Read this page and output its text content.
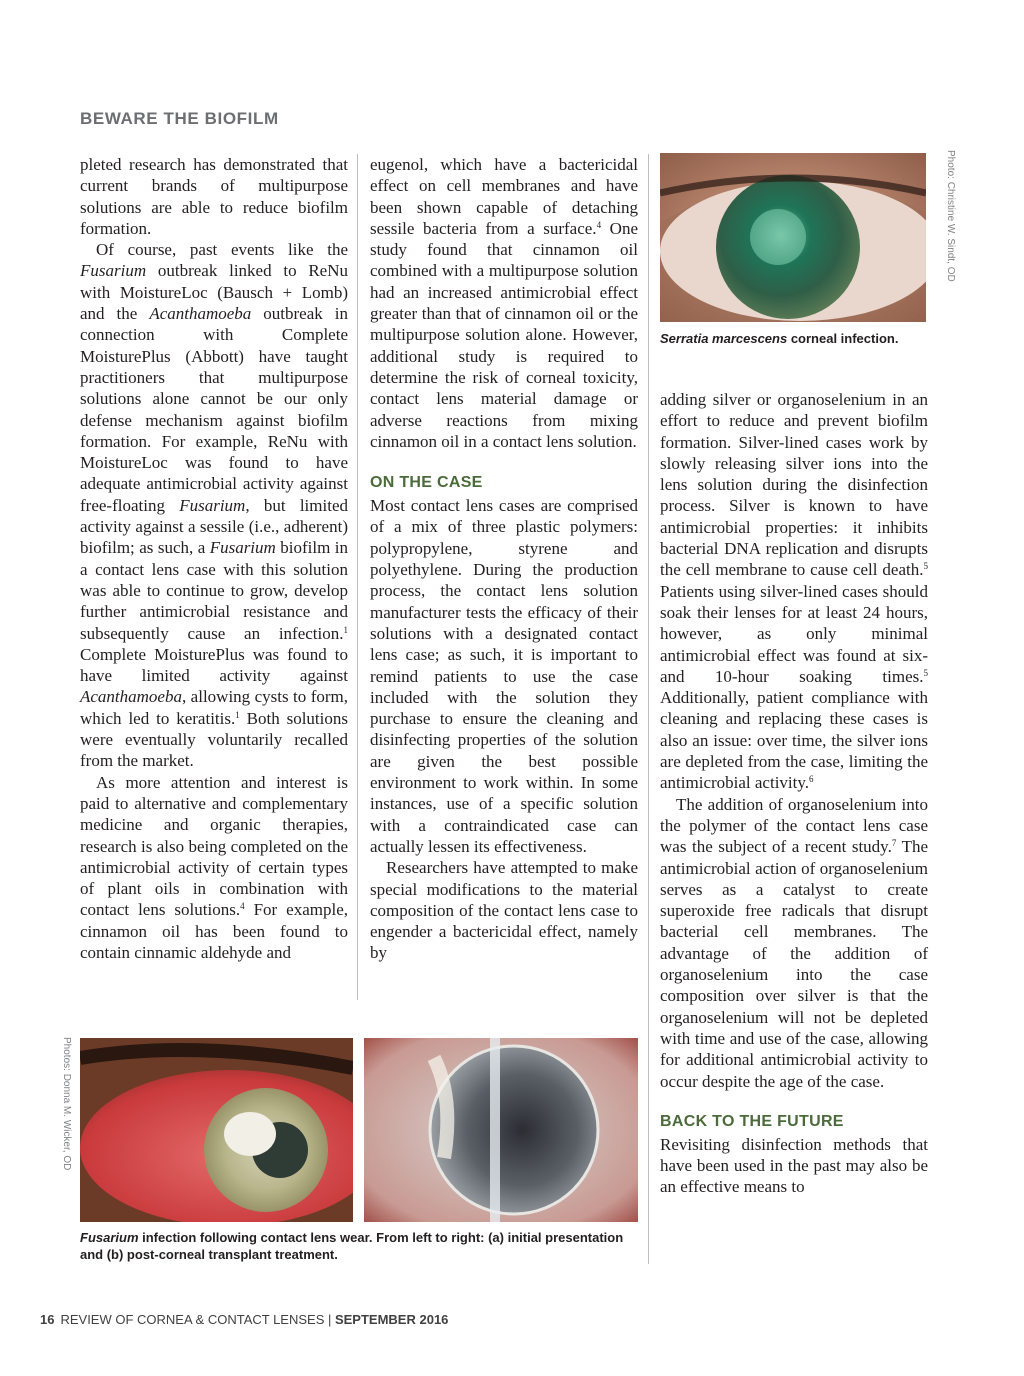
BEWARE THE BIOFILM

pleted research has demonstrated that current brands of multipurpose solutions are able to reduce biofilm formation.

Of course, past events like the Fusarium outbreak linked to ReNu with MoistureLoc (Bausch + Lomb) and the Acanthamoeba outbreak in connection with Complete MoisturePlus (Abbott) have taught practitioners that multipurpose solutions alone cannot be our only defense mechanism against biofilm formation. For example, ReNu with MoistureLoc was found to have adequate antimicrobial activity against free-floating Fusarium, but limited activity against a sessile (i.e., adherent) biofilm; as such, a Fusarium biofilm in a contact lens case with this solution was able to continue to grow, develop further antimicrobial resistance and subsequently cause an infection.$^1$ Complete MoisturePlus was found to have limited activity against Acanthamoeba, allowing cysts to form, which led to keratitis.$^1$ Both solutions were eventually voluntarily recalled from the market.

As more attention and interest is paid to alternative and complementary medicine and organic therapies, research is also being completed on the antimicrobial activity of certain types of plant oils in combination with contact lens solutions.$^4$ For example, cinnamon oil has been found to contain cinnamic aldehyde and

eugenol, which have a bactericidal effect on cell membranes and have been shown capable of detaching sessile bacteria from a surface.$^4$ One study found that cinnamon oil combined with a multipurpose solution had an increased antimicrobial effect greater than that of cinnamon oil or the multipurpose solution alone. However, additional study is required to determine the risk of corneal toxicity, contact lens material damage or adverse reactions from mixing cinnamon oil in a contact lens solution.

ON THE CASE

Most contact lens cases are comprised of a mix of three plastic polymers: polypropylene, styrene and polyethylene. During the production process, the contact lens solution manufacturer tests the efficacy of their solutions with a designated contact lens case; as such, it is important to remind patients to use the case included with the solution they purchase to ensure the cleaning and disinfecting properties of the solution are given the best possible environment to work within. In some instances, use of a specific solution with a contraindicated case can actually lessen its effectiveness.

Researchers have attempted to make special modifications to the material composition of the contact lens case to engender a bactericidal effect, namely by

Photo: Christine W. Sindt, OD
Serratia marcescens corneal infection.

adding silver or organoselenium in an effort to reduce and prevent biofilm formation. Silver-lined cases work by slowly releasing silver ions into the lens solution during the disinfection process. Silver is known to have antimicrobial properties: it inhibits bacterial DNA replication and disrupts the cell membrane to cause cell death.$^5$ Patients using silver-lined cases should soak their lenses for at least 24 hours, however, as only minimal antimicrobial effect was found at six- and 10-hour soaking times.$^5$ Additionally, patient compliance with cleaning and replacing these cases is also an issue: over time, the silver ions are depleted from the case, limiting the antimicrobial activity.$^6$

The addition of organoselenium into the polymer of the contact lens case was the subject of a recent study.$^7$ The antimicrobial action of organoselenium serves as a catalyst to create superoxide free radicals that disrupt bacterial cell membranes. The advantage of the addition of organoselenium into the case composition over silver is that the organoselenium will not be depleted with time and use of the case, allowing for additional antimicrobial activity to occur despite the age of the case.

BACK TO THE FUTURE

Revisiting disinfection methods that have been used in the past may also be an effective means to

Photos: Donna M. Wicker, OD
Fusarium infection following contact lens wear. From left to right: (a) initial presentation and (b) post-corneal transplant treatment.
16 REVIEW OF CORNEA & CONTACT LENSES | SEPTEMBER 2016
